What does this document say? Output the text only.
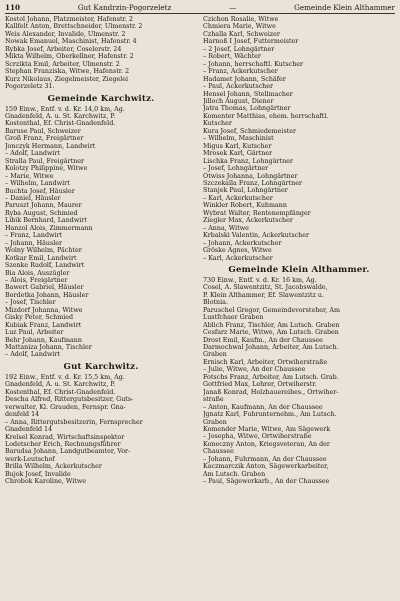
110	Gut Kandrzin-Pogorzeletz	—	Gemeinde Klein Althammer
Kostol Johann, Platzmeister, Hafenstr. 2
Kallfelt Anton, Brettschneider, Ulmenstr. 2
Weis Alexander, Invalide, Ulmenstr. 2
Nowak Emanuel, Maschinist, Hafenstr. 4
Rybka Josef, Arbeiter, Coselerstr. 24
Mikta Wilhelm, Oberkellner, Hafenstr. 2
Scrzikta Emil, Arbeiter, Ulmenstr. 2
Stephan Franziska, Witwe, Hafenstr. 2
Kurz Nikolaus, Ziegelmeister, Ziegelei
Pogorzeletz 31.
Gemeinde Karchwitz.
159 Einw., Entf. v. d. Kr. 14,0 km, Ag.
Gnadenfeld, A. u. St. Karchwitz, P.
Kostenthal, Ef. Christ-Gnadenfeld.
Baruse Paul, Schweizer
Groß Franz, Freigärtner
Jonczyk Hermann, Landwirt
– Adolf, Landwirt
Stralla Paul, Freigärtner
Kolotzy Philippine, Witwe
– Marie, Witwe
– Wilhelm, Landwirt
Buchta Josef, Häusler
– Daniel, Häusler
Paruszt Johann, Maurer
Ryba August, Schmied
Libik Bernhard, Landwirt
Hanzol Alois, Zimmermann
– Franz, Landwirt
– Johann, Häusler
Wolny Wilhelm, Pächter
Kotkar Emil, Landwirt
Szenke Rudolf, Landwirt
Bia Alois, Auszügler
– Alois, Freigärtner
Bawert Gabriel, Häusler
Bordetka Johann, Häusler
– Josef, Tischler
Mizdorf Johanna, Witwe
Gisky Peter, Schmied
Kubiak Franz, Landwirt
Luz Paul, Arbeiter
Behr Johann, Kaufmann
Mattaniza Johann, Tischler
– Adolf, Landwirt
Gut Karchwitz.
192 Einw., Entf. v. d. Kr. 15,5 km, Ag.
Gnadenfeld, A. u. St. Karchwitz, P.
Kostenthal, Ef. Christ-Gnadenfeld.
Descha Alfred, Rittergutsbesitzer, Guts-
verwalter, Kl. Grauden, Fernspr. Gna-
denfeld 14
– Anna, Rittergutsbesitzerin, Fernsprecher
Gnadenfeld 14
Krelsel Konrad, Wirtschaftsinspektor
Lodetscher Erich, Rechnungsführer
Barudsa Johann, Landgutbeamter, Vor-
werk-Leutschof
Brilla Wilhelm, Ackerkutscher
Bujok Josef, Invalide
Chrobok Karoline, Witwe
Czichon Rosalie, Witwe
Chmiera Marie, Witwe
Czhalla Karl, Schweizer
Harnoß I Josef, Futtermeister
– 2 Josef, Lohngärtner
– Robert, Wächter
– Johann, herrschaftl. Kutscher
– Franz, Ackerkutscher
Hadamet Johann, Schäfer
– Paul, Ackerkutscher
Hensel Johann, Stellmacher
Jilloch August, Diener
Jatra Thomas, Lohngärtner
Komenter Matthias, ehem. herrschaftl.
Kutscher
Kura Josef, Schmiedemeister
– Wilhelm, Maschinist
Migus Karl, Kutscher
Mrosek Karl, Gärtner
Lischka Franz, Lohngärtner
– Josef, Lohngärtner
Otwiss Johanna, Lohngärtner
Szczekalla Franz, Lohngärtner
Stanjek Paul, Lohngärtner
– Karl, Ackerkutscher
Winkler Robert, Kuhmann
Wybrat Walter, Rentenempfänger
Ziegler Max, Ackerkutscher
– Anna, Witwe
Krbalski Valentin, Ackerkutscher
– Johann, Ackerkutscher
Gröske Agnes, Witwe
– Karl, Ackerkutscher
Gemeinde Klein Althammer.
730 Einw., Entf. v. d. Kr. 16 km, Ag.
Cosel, A. Slawentzitz, St. Jacobswalde,
P. Klein Althammer, Ef. Slawentzitz u.
Blotnia.
Paruschel Gregor, Gemeindevorsteher, Am
Lustfchaer Graben
Ablich Franz, Tischler, Am Lutsch. Graben
Cesfarz Marie, Witwe, Am Lutsch. Graben
Drost Emil, Kaufm., An der Chaussee
Darmochwal Johann, Arbeiter, Am Lutsch.
Graben
Ernisch Karl, Arbeiter, Ortwiherstraße
– Julie, Witwe, An der Chaussee
Fotschs Franz, Arbeiter, Am Lutsch. Grab.
Gottfried Max, Lehrer, Ortwiherstr.
Janaß Konrad, Holzhauereibes., Ortwiher-
straße
– Anton, Kaufmann, An der Chaussee
Jgnatz Karl, Fuhrunternehm., Am Lutsch.
Graben
Komender Marie, Witwe, Am Sägewerk
– Josepha, Witwe, Ortwiherstraße
Koneczny Anton, Kriegsveteran, An der
Chaussee
– Johann, Fuhrmann, An der Chaussee
Kaczmarczik Anton, Sägewerkarbeiter,
Am Lutsch. Graben
– Paul, Sägewerkarb., An der Chaussee
